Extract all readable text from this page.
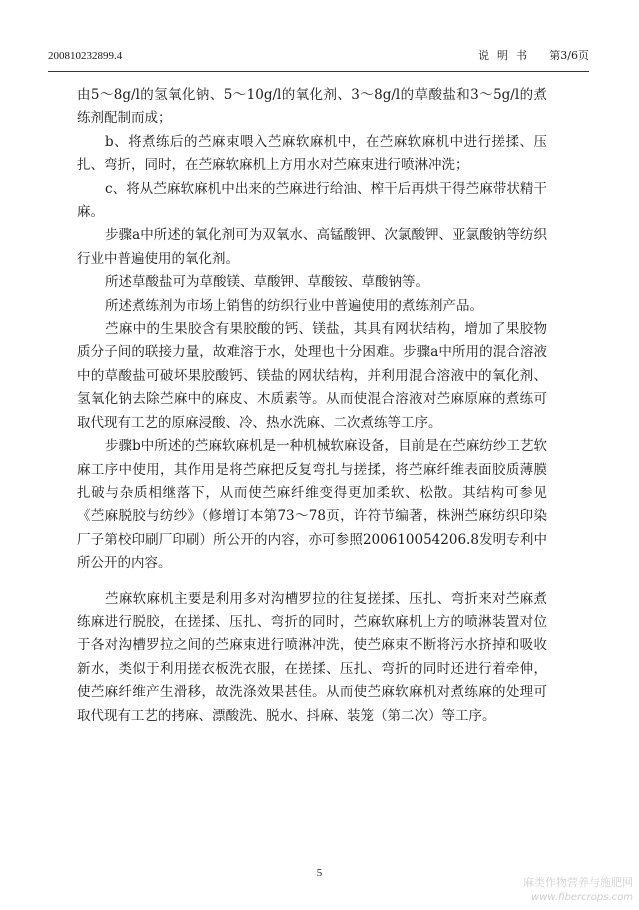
200810232899.4	说明书 第3/6页

由5～8g/l的氢氧化钠、5～10g/l的氧化剂、3～8g/l的草酸盐和3～5g/l的煮练剂配制而成；

b、将煮练后的苎麻束喂入苎麻软麻机中，在苎麻软麻机中进行搓揉、压扎、弯折，同时，在苎麻软麻机上方用水对苎麻束进行喷淋冲洗；

c、将从苎麻软麻机中出来的苎麻进行给油、榨干后再烘干得苎麻带状精干麻。

步骤a中所述的氧化剂可为双氧水、高锰酸钾、次氯酸钾、亚氯酸钠等纺织行业中普遍使用的氧化剂。

所述草酸盐可为草酸镁、草酸钾、草酸铵、草酸钠等。

所述煮练剂为市场上销售的纺织行业中普遍使用的煮练剂产品。

苎麻中的生果胶含有果胶酸的钙、镁盐，其具有网状结构，增加了果胶物质分子间的联接力量，故难溶于水，处理也十分困难。步骤a中所用的混合溶液中的草酸盐可破坏果胶酸钙、镁盐的网状结构，并利用混合溶液中的氧化剂、氢氧化钠去除苎麻中的麻皮、木质素等。从而使混合溶液对苎麻原麻的煮练可取代现有工艺的原麻浸酸、冷、热水洗麻、二次煮练等工序。

步骤b中所述的苎麻软麻机是一种机械软麻设备，目前是在苎麻纺纱工艺软麻工序中使用，其作用是将苎麻把反复弯扎与搓揉，将苎麻纤维表面胶质薄膜扎破与杂质相继落下，从而使苎麻纤维变得更加柔软、松散。其结构可参见《苎麻脱胶与纺纱》（修增订本第73～78页，许符节编著，株洲苎麻纺织印染厂子第校印刷厂印刷）所公开的内容，亦可参照200610054206.8发明专利中所公开的内容。

苎麻软麻机主要是利用多对沟槽罗拉的往复搓揉、压扎、弯折来对苎麻煮练麻进行脱胶，在搓揉、压扎、弯折的同时，苎麻软麻机上方的喷淋装置对位于各对沟槽罗拉之间的苎麻束进行喷淋冲洗，使苎麻束不断将污水挤掉和吸收新水，类似于利用搓衣板洗衣服，在搓揉、压扎、弯折的同时还进行着牵伸，使苎麻纤维产生滑移，故洗涤效果甚佳。从而使苎麻软麻机对煮练麻的处理可取代现有工艺的拷麻、漂酸洗、脱水、抖麻、装笼（第二次）等工序。

5
麻类作物营养与施肥网
www.fibercrops.com
